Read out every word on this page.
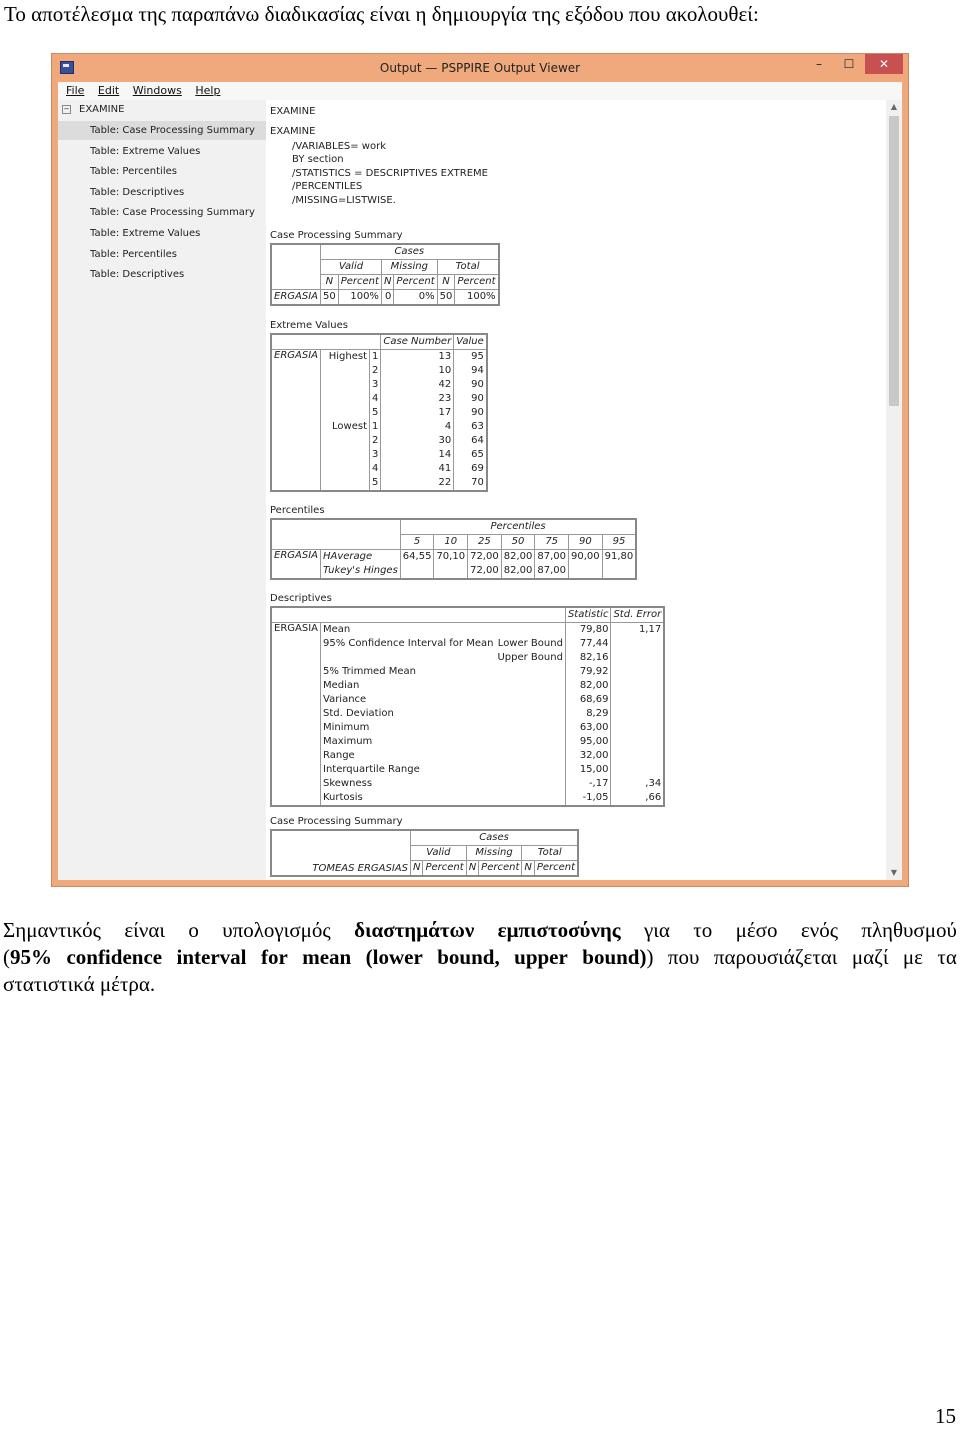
Το αποτέλεσμα της παραπάνω διαδικασίας είναι η δημιουργία της εξόδου που ακολουθεί:
Output — PSPPIRE Output Viewer	–	☐	✕
File Edit Windows Help
− EXAMINE
Table: Case Processing Summary
Table: Extreme Values
Table: Percentiles
Table: Descriptives
Table: Case Processing Summary
Table: Extreme Values
Table: Percentiles
Table: Descriptives
EXAMINE
EXAMINE
/VARIABLES= work
BY section
/STATISTICS = DESCRIPTIVES EXTREME
/PERCENTILES
/MISSING=LISTWISE.
Case Processing Summary
	Cases					
	Valid		Missing		Total	
	N	Percent	N	Percent	N	Percent
ERGASIA	50	100%	0	0%	50	100%
Extreme Values
			Case Number	Value
ERGASIA	Highest	1	13	95
		2	10	94
		3	42	90
		4	23	90
		5	17	90
	Lowest	1	4	63
		2	30	64
		3	14	65
		4	41	69
		5	22	70
Percentiles
		Percentiles						
		5	10	25	50	75	90	95
ERGASIA	HAverage	64,55	70,10	72,00	82,00	87,00	90,00	91,80
	Tukey's Hinges			72,00	82,00	87,00		
Descriptives
			Statistic	Std. Error
ERGASIA	Mean		79,80	1,17
	95% Confidence Interval for Mean	Lower Bound	77,44	
		Upper Bound	82,16	
	5% Trimmed Mean		79,92	
	Median		82,00	
	Variance		68,69	
	Std. Deviation		8,29	
	Minimum		63,00	
	Maximum		95,00	
	Range		32,00	
	Interquartile Range		15,00	
	Skewness		-,17	,34
	Kurtosis		-1,05	,66
Case Processing Summary
TOMEAS ERGASIAS	Cases					
	Valid		Missing		Total	
	N	Percent	N	Percent	N	Percent
▲
▼
Σημαντικός είναι ο υπολογισμός διαστημάτων εμπιστοσύνης για το μέσο ενός πληθυσμού
(95% confidence interval for mean (lower bound, upper bound)) που παρουσιάζεται μαζί με τα
στατιστικά μέτρα.
15
